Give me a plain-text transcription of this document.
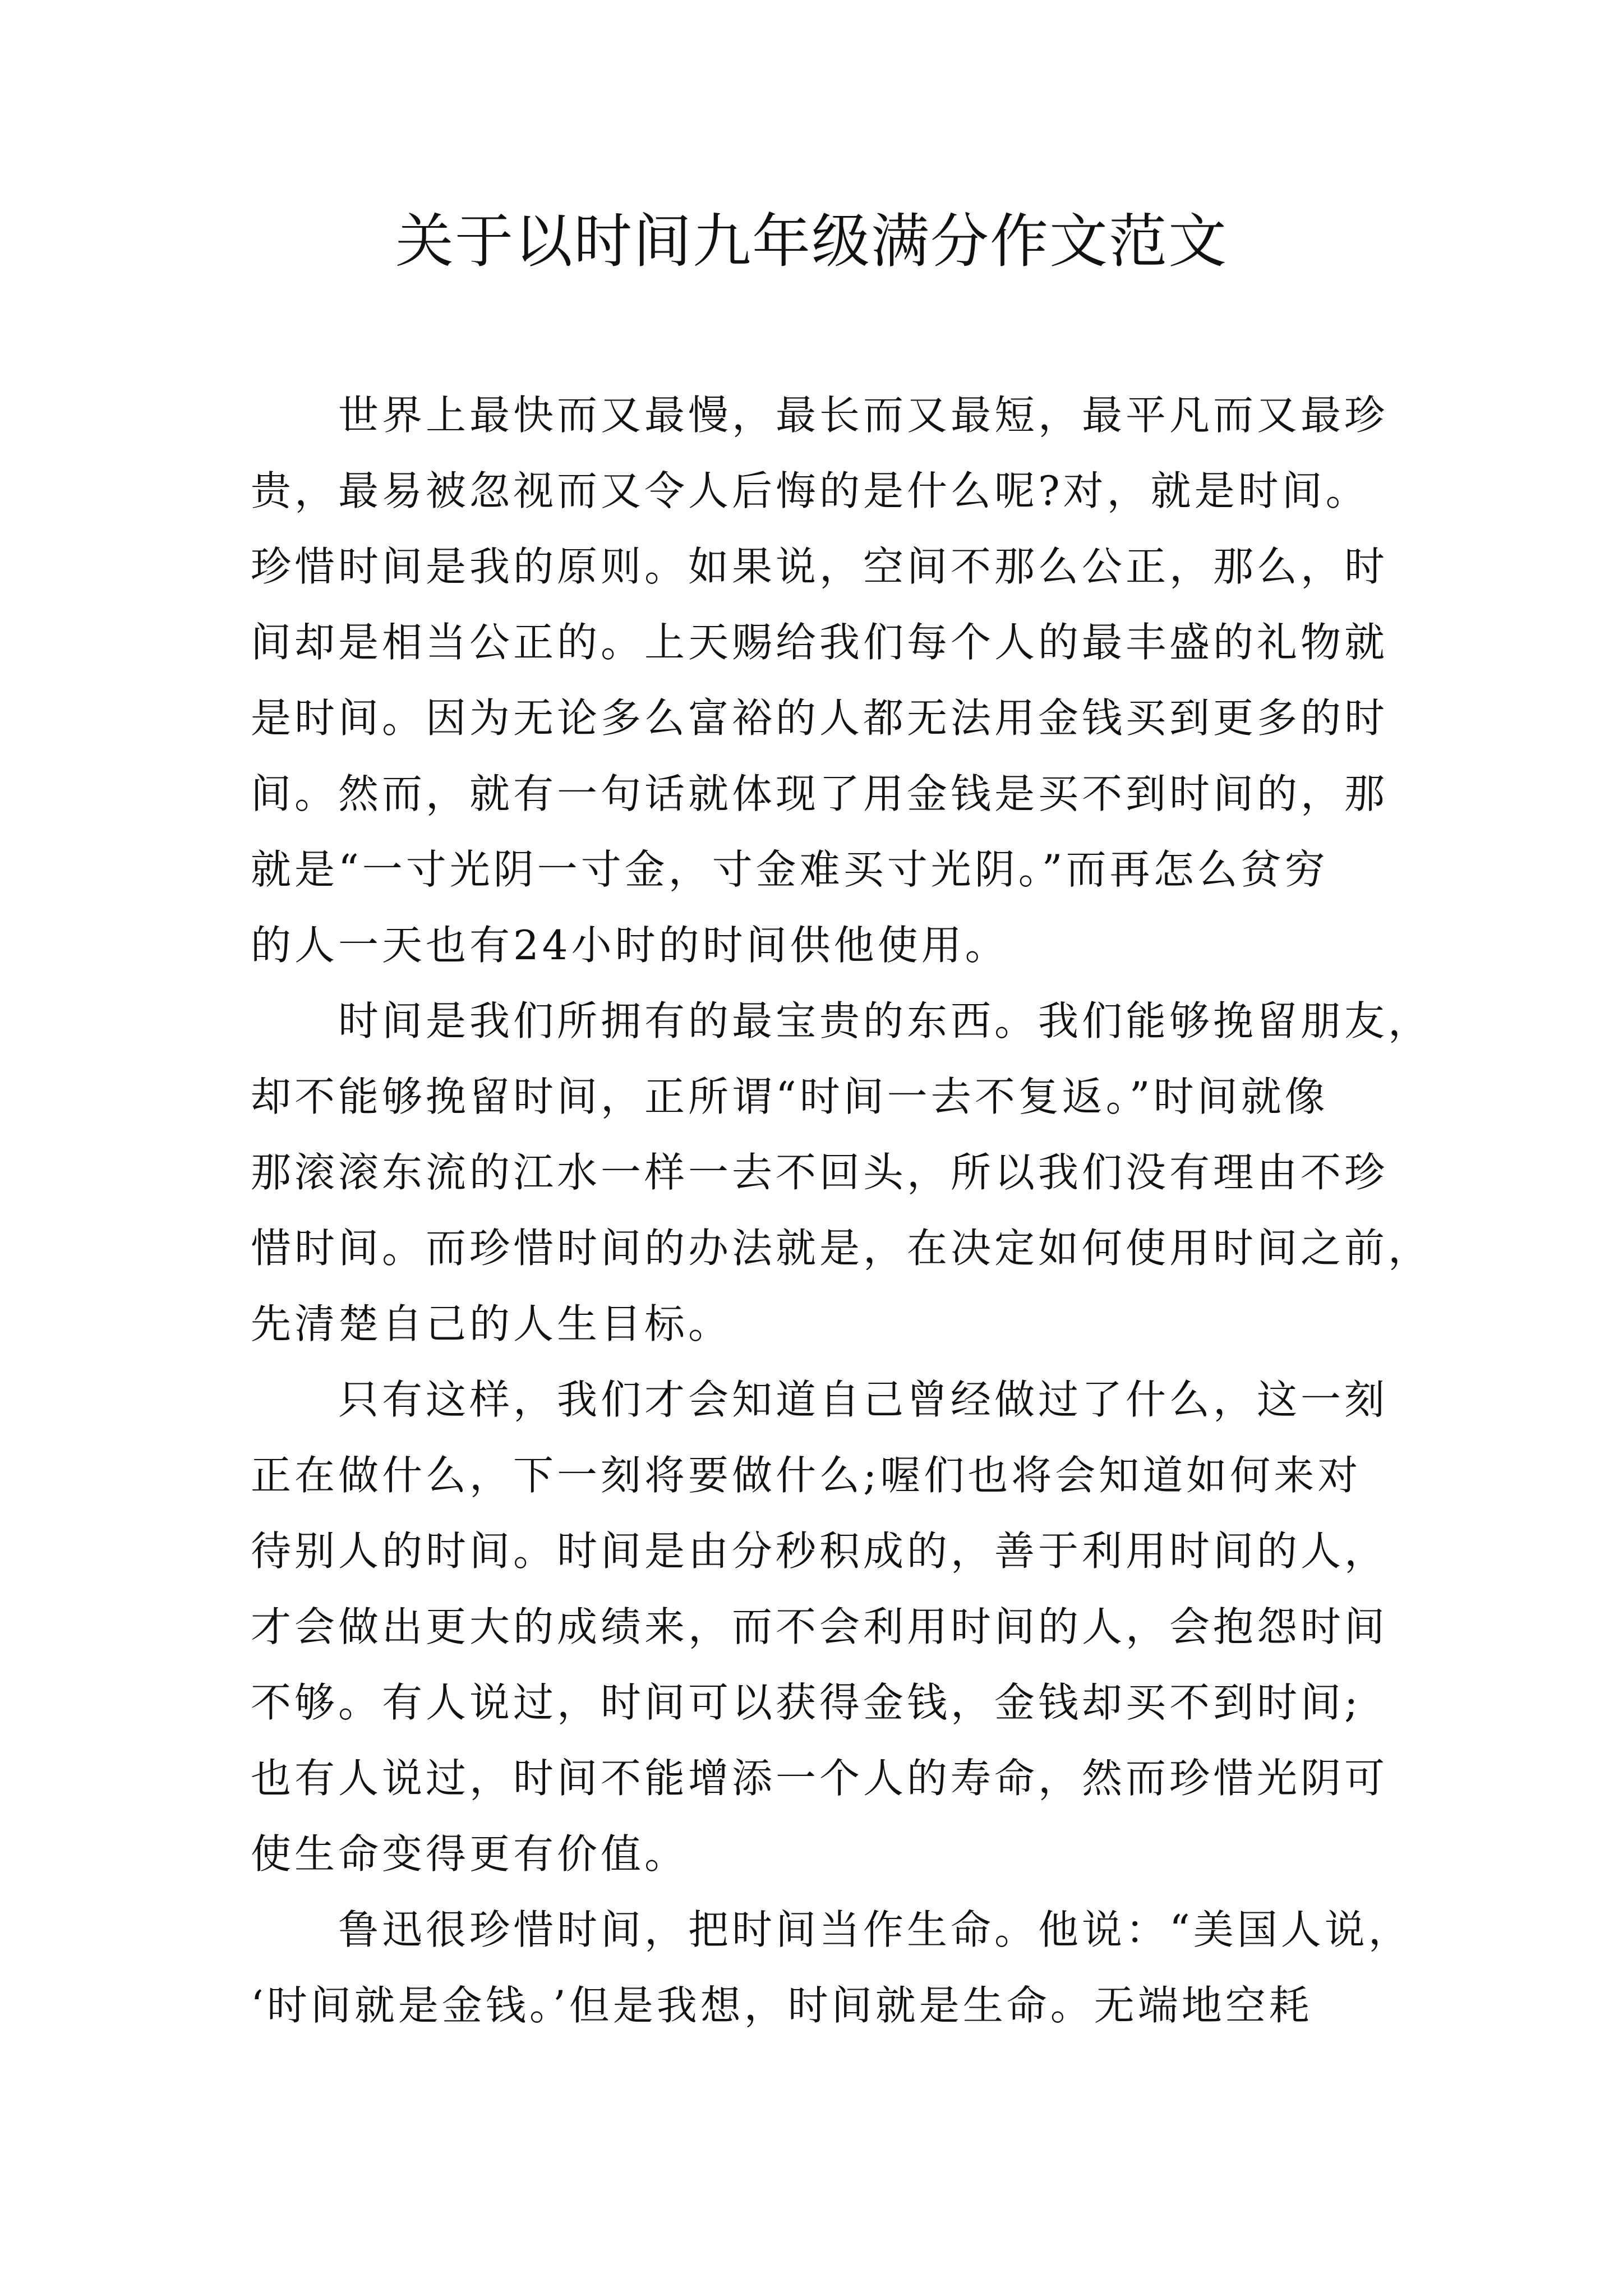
关于以时间九年级满分作文范文
世界上最快而又最慢，最长而又最短，最平凡而又最珍
贵，最易被忽视而又令人后悔的是什么呢?对，就是时间。
珍惜时间是我的原则。如果说，空间不那么公正，那么，时
间却是相当公正的。上天赐给我们每个人的最丰盛的礼物就
是时间。因为无论多么富裕的人都无法用金钱买到更多的时
间。然而，就有一句话就体现了用金钱是买不到时间的，那
就是“一寸光阴一寸金，寸金难买寸光阴。”而再怎么贫穷
的人一天也有24小时的时间供他使用。
时间是我们所拥有的最宝贵的东西。我们能够挽留朋友，
却不能够挽留时间，正所谓“时间一去不复返。”时间就像
那滚滚东流的江水一样一去不回头，所以我们没有理由不珍
惜时间。而珍惜时间的办法就是，在决定如何使用时间之前，
先清楚自己的人生目标。
只有这样，我们才会知道自己曾经做过了什么，这一刻
正在做什么，下一刻将要做什么;喔们也将会知道如何来对
待别人的时间。时间是由分秒积成的，善于利用时间的人，
才会做出更大的成绩来，而不会利用时间的人，会抱怨时间
不够。有人说过，时间可以获得金钱，金钱却买不到时间;
也有人说过，时间不能增添一个人的寿命，然而珍惜光阴可
使生命变得更有价值。
鲁迅很珍惜时间，把时间当作生命。他说：“美国人说，
‘时间就是金钱。’但是我想，时间就是生命。无端地空耗
